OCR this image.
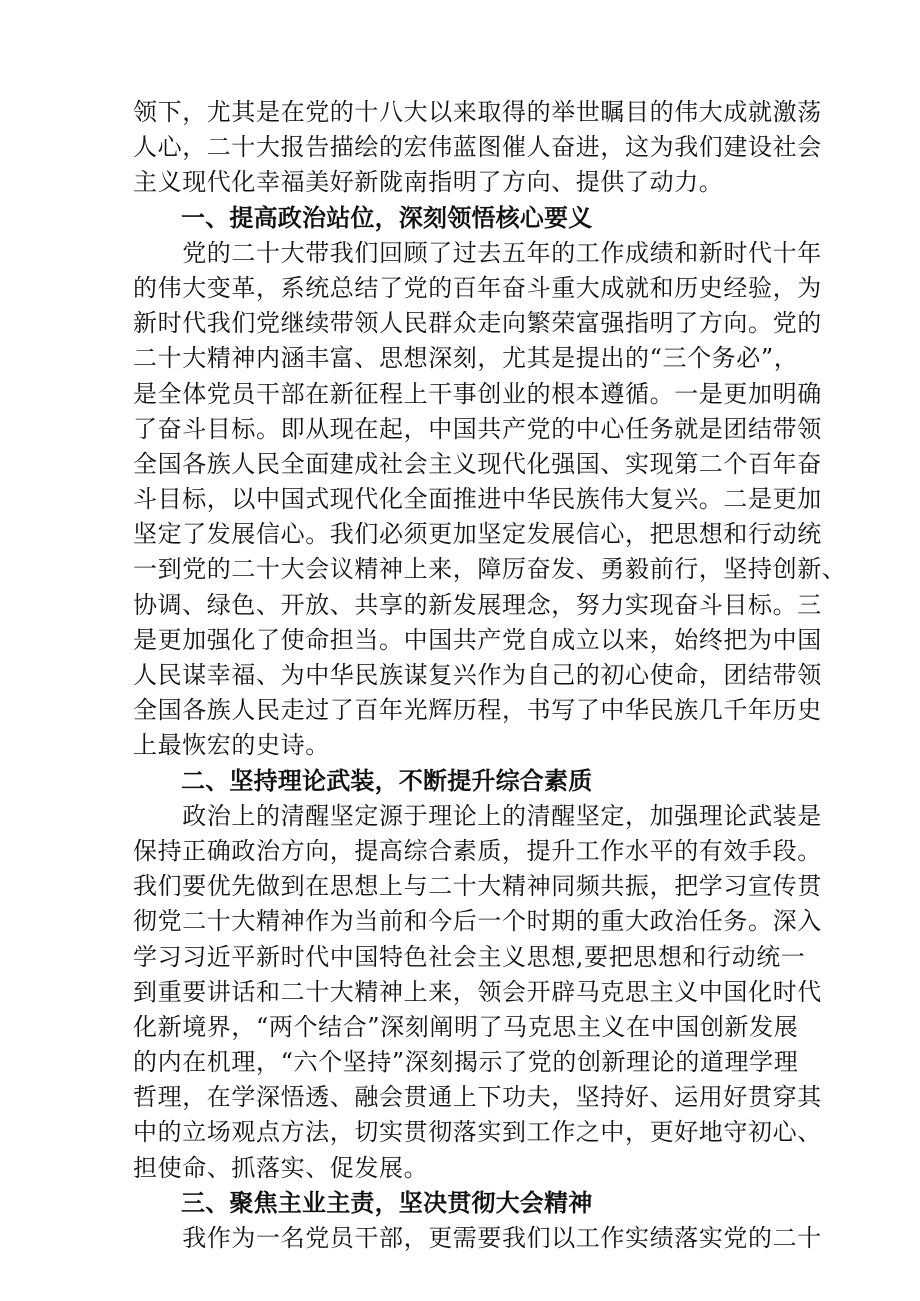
领下，尤其是在党的十八大以来取得的举世瞩目的伟大成就激荡
人心，二十大报告描绘的宏伟蓝图催人奋进，这为我们建设社会
主义现代化幸福美好新陇南指明了方向、提供了动力。
一、提高政治站位，深刻领悟核心要义
　　党的二十大带我们回顾了过去五年的工作成绩和新时代十年
的伟大变革，系统总结了党的百年奋斗重大成就和历史经验，为
新时代我们党继续带领人民群众走向繁荣富强指明了方向。党的
二十大精神内涵丰富、思想深刻，尤其是提出的“三个务必”，
是全体党员干部在新征程上干事创业的根本遵循。一是更加明确
了奋斗目标。即从现在起，中国共产党的中心任务就是团结带领
全国各族人民全面建成社会主义现代化强国、实现第二个百年奋
斗目标，以中国式现代化全面推进中华民族伟大复兴。二是更加
坚定了发展信心。我们必须更加坚定发展信心，把思想和行动统
一到党的二十大会议精神上来，障厉奋发、勇毅前行，坚持创新、
协调、绿色、开放、共享的新发展理念，努力实现奋斗目标。三
是更加强化了使命担当。中国共产党自成立以来，始终把为中国
人民谋幸福、为中华民族谋复兴作为自己的初心使命，团结带领
全国各族人民走过了百年光辉历程，书写了中华民族几千年历史
上最恢宏的史诗。
二、坚持理论武装，不断提升综合素质
　　政治上的清醒坚定源于理论上的清醒坚定，加强理论武装是
保持正确政治方向，提高综合素质，提升工作水平的有效手段。
我们要优先做到在思想上与二十大精神同频共振，把学习宣传贯
彻党二十大精神作为当前和今后一个时期的重大政治任务。深入
学习习近平新时代中国特色社会主义思想,要把思想和行动统一
到重要讲话和二十大精神上来，领会开辟马克思主义中国化时代
化新境界，“两个结合”深刻阐明了马克思主义在中国创新发展
的内在机理，“六个坚持”深刻揭示了党的创新理论的道理学理
哲理，在学深悟透、融会贯通上下功夫，坚持好、运用好贯穿其
中的立场观点方法，切实贯彻落实到工作之中，更好地守初心、
担使命、抓落实、促发展。
三、聚焦主业主责，坚决贯彻大会精神
　　我作为一名党员干部，更需要我们以工作实绩落实党的二十
